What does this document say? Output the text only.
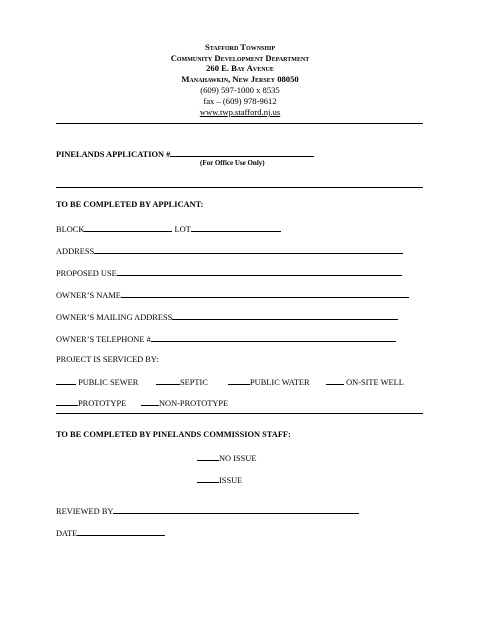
Stafford Township
Community Development Department
260 E. Bay Avenue
Manahawkin, New Jersey 08050
(609) 597-1000 x 8535
fax – (609) 978-9612
www.twp.stafford.nj.us
PINELANDS APPLICATION #
(For Office Use Only)
TO BE COMPLETED BY APPLICANT:
BLOCK	LOT
ADDRESS
PROPOSED USE
OWNER’S NAME
OWNER’S MAILING ADDRESS
OWNER’S TELEPHONE #
PROJECT IS SERVICED BY:
PUBLIC SEWER	SEPTIC	PUBLIC WATER	ON-SITE WELL
PROTOTYPE	NON-PROTOTYPE
TO BE COMPLETED BY PINELANDS COMMISSION STAFF:
NO ISSUE
ISSUE
REVIEWED BY
DATE
